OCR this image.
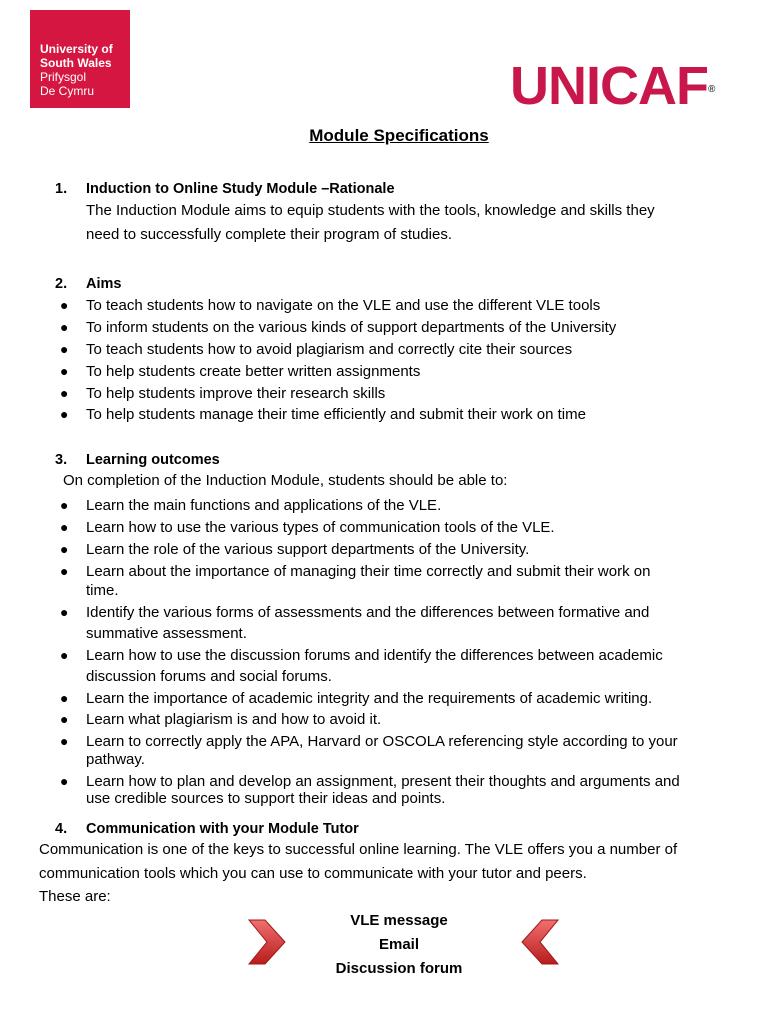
University of
South Wales
Prifysgol
De Cymru	UNICAF®
Module Specifications
1. Induction to Online Study Module –Rationale
The Induction Module aims to equip students with the tools, knowledge and skills they
need to successfully complete their program of studies.
2. Aims
● To teach students how to navigate on the VLE and use the different VLE tools
● To inform students on the various kinds of support departments of the University
● To teach students how to avoid plagiarism and correctly cite their sources
● To help students create better written assignments
● To help students improve their research skills
● To help students manage their time efficiently and submit their work on time
3. Learning outcomes
On completion of the Induction Module, students should be able to:
● Learn the main functions and applications of the VLE.
● Learn how to use the various types of communication tools of the VLE.
● Learn the role of the various support departments of the University.
● Learn about the importance of managing their time correctly and submit their work on
time.
● Identify the various forms of assessments and the differences between formative and
summative assessment.
● Learn how to use the discussion forums and identify the differences between academic
discussion forums and social forums.
● Learn the importance of academic integrity and the requirements of academic writing.
● Learn what plagiarism is and how to avoid it.
● Learn to correctly apply the APA, Harvard or OSCOLA referencing style according to your
pathway.
● Learn how to plan and develop an assignment, present their thoughts and arguments and
use credible sources to support their ideas and points.
4. Communication with your Module Tutor
Communication is one of the keys to successful online learning. The VLE offers you a number of
communication tools which you can use to communicate with your tutor and peers.
These are:
VLE message
Email
Discussion forum
